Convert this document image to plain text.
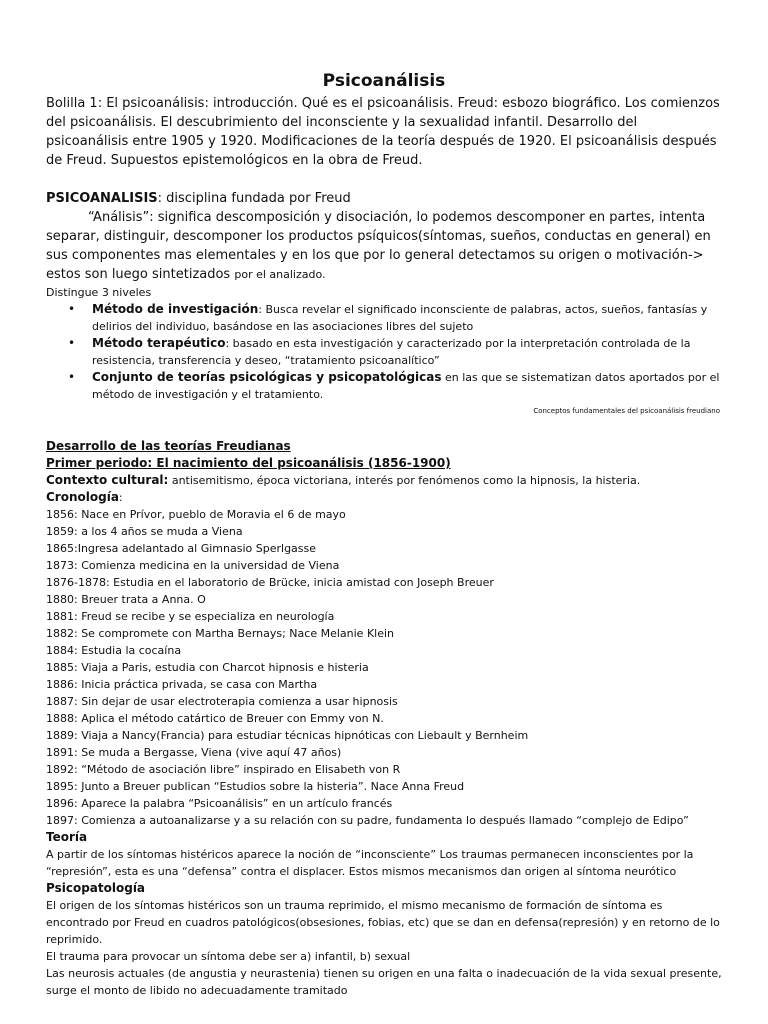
Psicoanálisis

Bolilla 1: El psicoanálisis: introducción. Qué es el psicoanálisis. Freud: esbozo biográfico. Los comienzos del psicoanálisis. El descubrimiento del inconsciente y la sexualidad infantil. Desarrollo del psicoanálisis entre 1905 y 1920. Modificaciones de la teoría después de 1920. El psicoanálisis después de Freud. Supuestos epistemológicos en la obra de Freud.

PSICOANALISIS: disciplina fundada por Freud

“Análisis”: significa descomposición y disociación, lo podemos descomponer en partes, intenta separar, distinguir, descomponer los productos psíquicos(síntomas, sueños, conductas en general) en sus componentes mas elementales y en los que por lo general detectamos su origen o motivación-> estos son luego sintetizados por el analizado.

Distingue 3 niveles

• Método de investigación: Busca revelar el significado inconsciente de palabras, actos, sueños, fantasías y delirios del individuo, basándose en las asociaciones libres del sujeto
• Método terapéutico: basado en esta investigación y caracterizado por la interpretación controlada de la resistencia, transferencia y deseo, “tratamiento psicoanalítico”
• Conjunto de teorías psicológicas y psicopatológicas en las que se sistematizan datos aportados por el método de investigación y el tratamiento.

Conceptos fundamentales del psicoanálisis freudiano

Desarrollo de las teorías Freudianas

Primer periodo: El nacimiento del psicoanálisis (1856-1900)

Contexto cultural: antisemitismo, época victoriana, interés por fenómenos como la hipnosis, la histeria.

Cronología:

1856: Nace en Prívor, pueblo de Moravia el 6 de mayo
1859: a los 4 años se muda a Viena
1865:Ingresa adelantado al Gimnasio Sperlgasse
1873: Comienza medicina en la universidad de Viena
1876-1878: Estudia en el laboratorio de Brücke, inicia amistad con Joseph Breuer
1880: Breuer trata a Anna. O
1881: Freud se recibe y se especializa en neurología
1882: Se compromete con Martha Bernays; Nace Melanie Klein
1884: Estudia la cocaína
1885: Viaja a Paris, estudia con Charcot hipnosis e histeria
1886: Inicia práctica privada, se casa con Martha
1887: Sin dejar de usar electroterapia comienza a usar hipnosis
1888: Aplica el método catártico de Breuer con Emmy von N.
1889: Viaja a Nancy(Francia) para estudiar técnicas hipnóticas con Liebault y Bernheim
1891: Se muda a Bergasse, Viena (vive aquí 47 años)
1892: “Método de asociación libre” inspirado en Elisabeth von R
1895: Junto a Breuer publican “Estudios sobre la histeria”. Nace Anna Freud
1896: Aparece la palabra “Psicoanálisis” en un artículo francés
1897: Comienza a autoanalizarse y a su relación con su padre, fundamenta lo después llamado “complejo de Edipo”

Teoría

A partir de los síntomas histéricos aparece la noción de “inconsciente” Los traumas permanecen inconscientes por la “represión”, esta es una “defensa” contra el displacer. Estos mismos mecanismos dan origen al síntoma neurótico

Psicopatología

El origen de los síntomas histéricos son un trauma reprimido, el mismo mecanismo de formación de síntoma es encontrado por Freud en cuadros patológicos(obsesiones, fobias, etc) que se dan en defensa(represión) y en retorno de lo reprimido.

El trauma para provocar un síntoma debe ser a) infantil, b) sexual

Las neurosis actuales (de angustia y neurastenia) tienen su origen en una falta o inadecuación de la vida sexual presente, surge el monto de libido no adecuadamente tramitado
